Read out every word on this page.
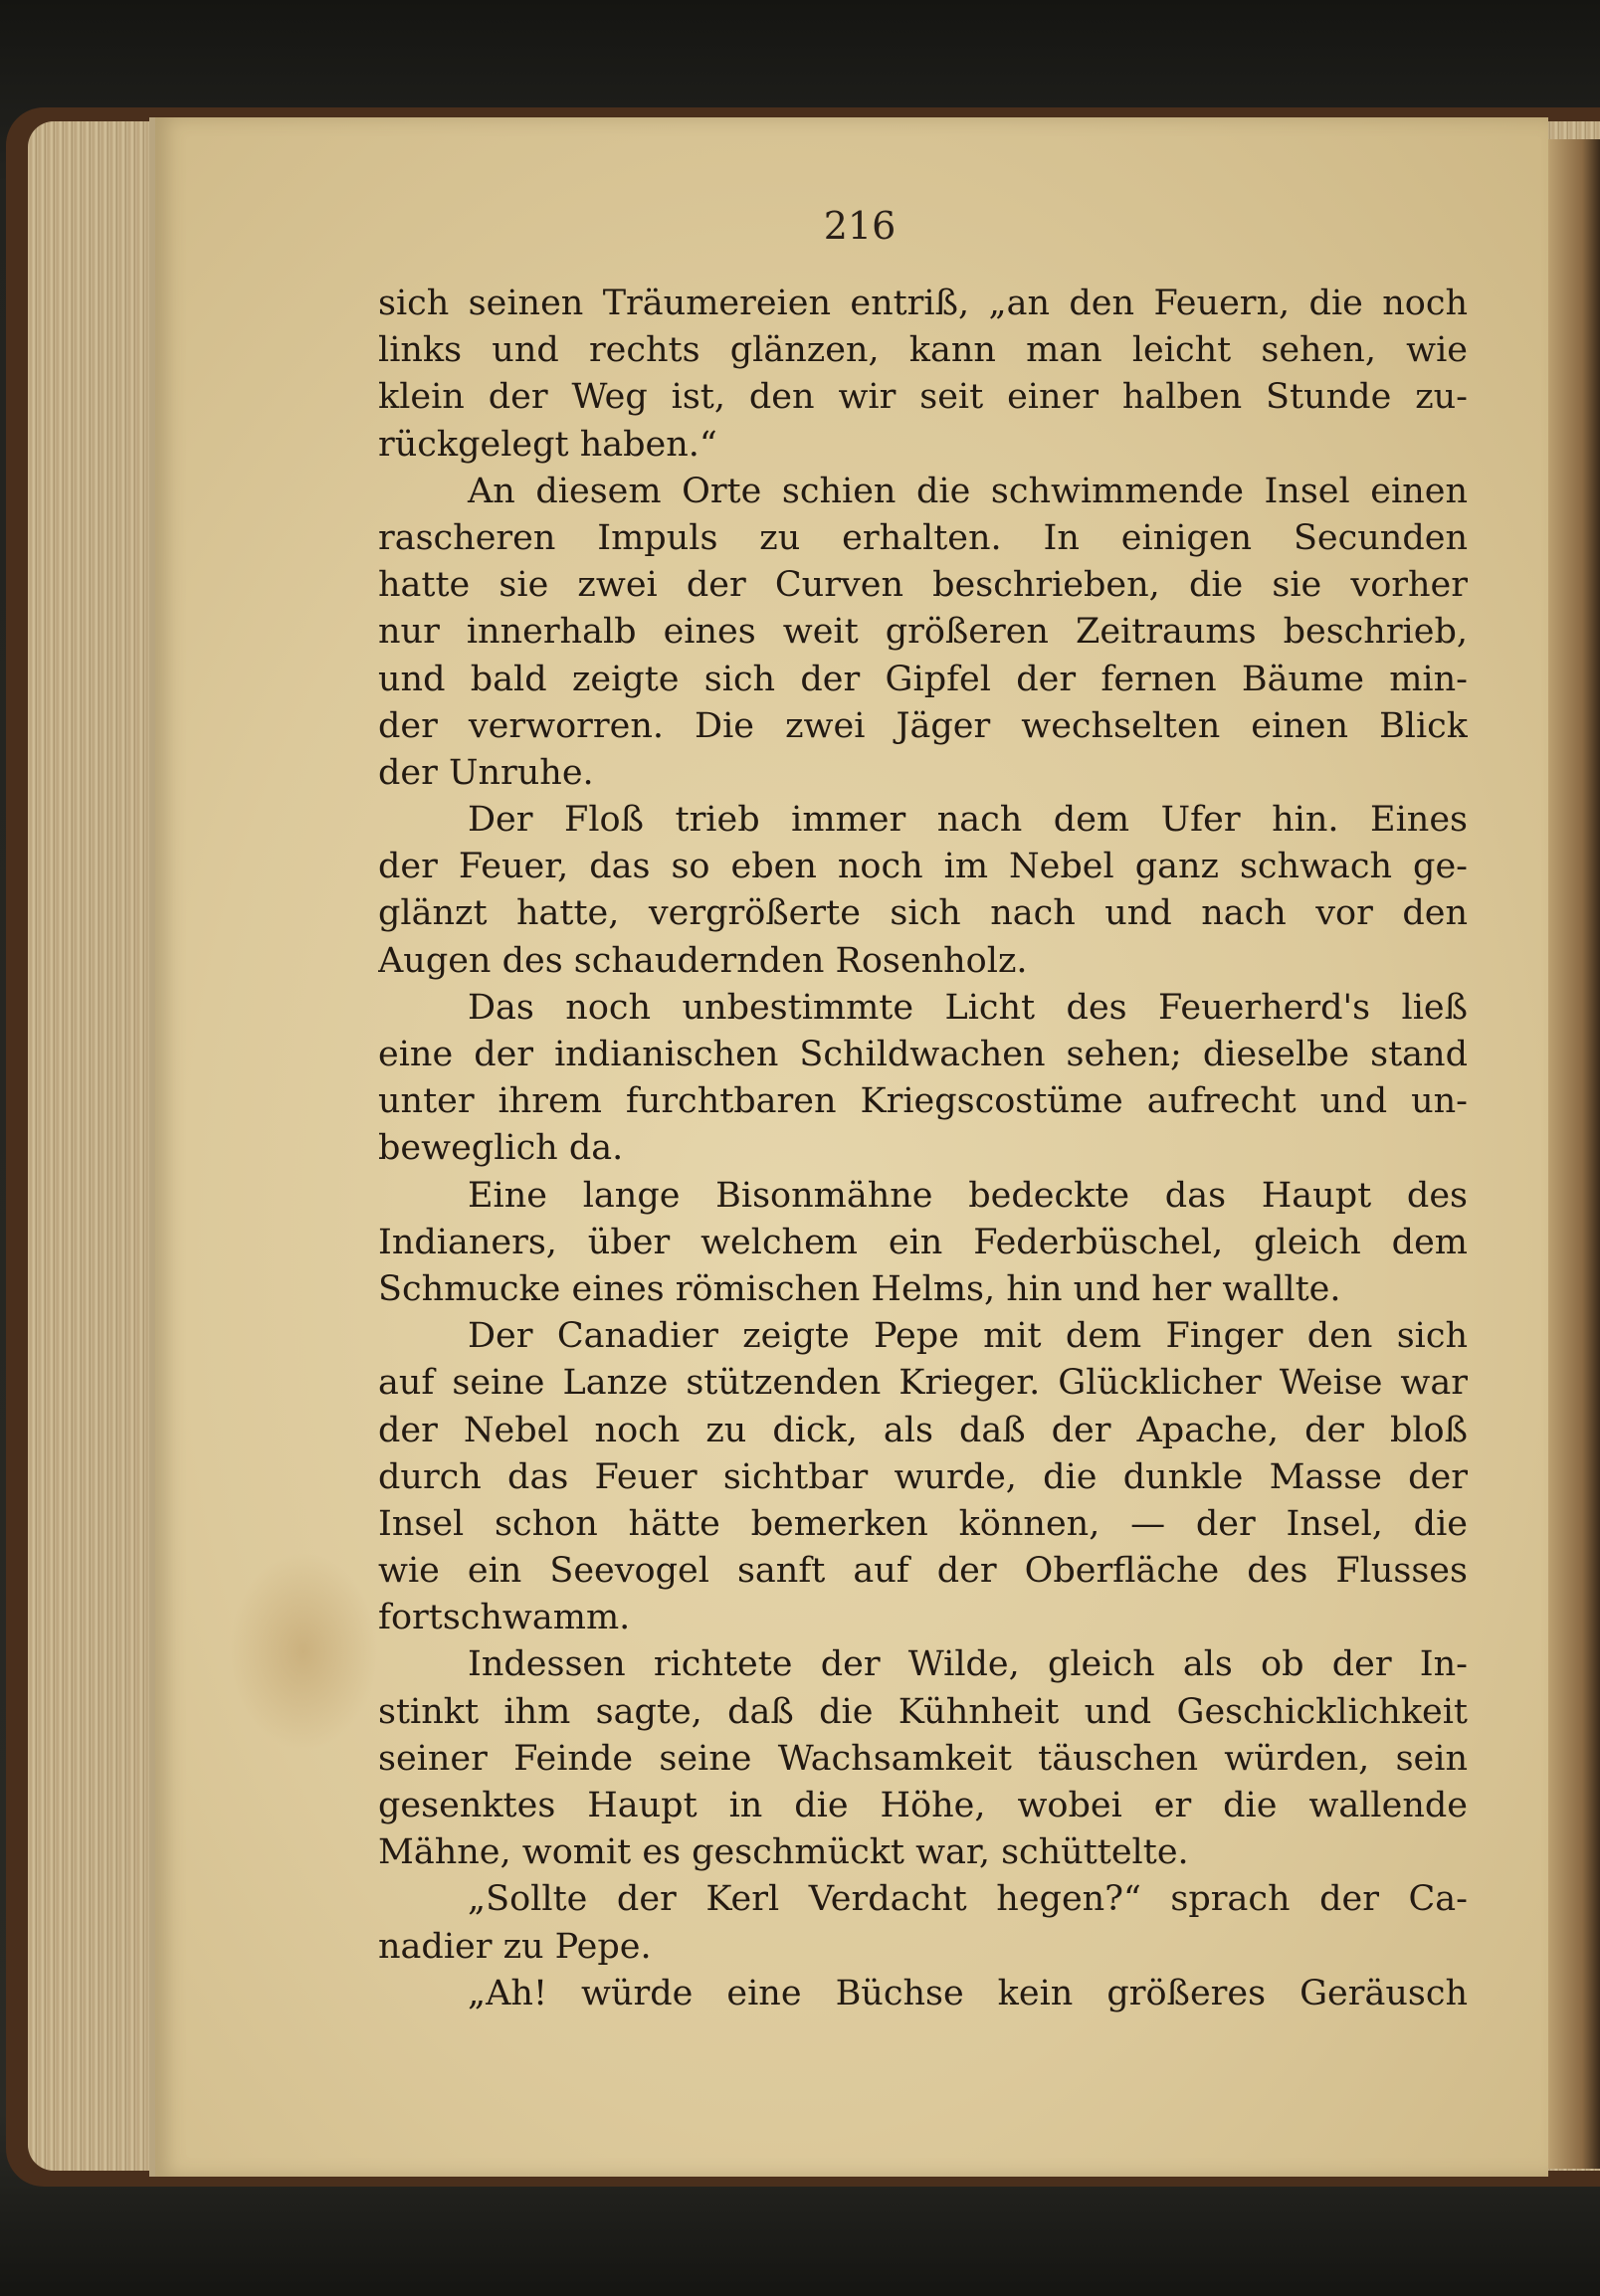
216
sich seinen Träumereien entriß, „an den Feuern, die noch
links und rechts glänzen, kann man leicht sehen, wie
klein der Weg ist, den wir seit einer halben Stunde zu-
rückgelegt haben.“
An diesem Orte schien die schwimmende Insel einen
rascheren Impuls zu erhalten. In einigen Secunden
hatte sie zwei der Curven beschrieben, die sie vorher
nur innerhalb eines weit größeren Zeitraums beschrieb,
und bald zeigte sich der Gipfel der fernen Bäume min-
der verworren. Die zwei Jäger wechselten einen Blick
der Unruhe.
Der Floß trieb immer nach dem Ufer hin. Eines
der Feuer, das so eben noch im Nebel ganz schwach ge-
glänzt hatte, vergrößerte sich nach und nach vor den
Augen des schaudernden Rosenholz.
Das noch unbestimmte Licht des Feuerherd's ließ
eine der indianischen Schildwachen sehen; dieselbe stand
unter ihrem furchtbaren Kriegscostüme aufrecht und un-
beweglich da.
Eine lange Bisonmähne bedeckte das Haupt des
Indianers, über welchem ein Federbüschel, gleich dem
Schmucke eines römischen Helms, hin und her wallte.
Der Canadier zeigte Pepe mit dem Finger den sich
auf seine Lanze stützenden Krieger. Glücklicher Weise war
der Nebel noch zu dick, als daß der Apache, der bloß
durch das Feuer sichtbar wurde, die dunkle Masse der
Insel schon hätte bemerken können, — der Insel, die
wie ein Seevogel sanft auf der Oberfläche des Flusses
fortschwamm.
Indessen richtete der Wilde, gleich als ob der In-
stinkt ihm sagte, daß die Kühnheit und Geschicklichkeit
seiner Feinde seine Wachsamkeit täuschen würden, sein
gesenktes Haupt in die Höhe, wobei er die wallende
Mähne, womit es geschmückt war, schüttelte.
„Sollte der Kerl Verdacht hegen?“ sprach der Ca-
nadier zu Pepe.
„Ah! würde eine Büchse kein größeres Geräusch
